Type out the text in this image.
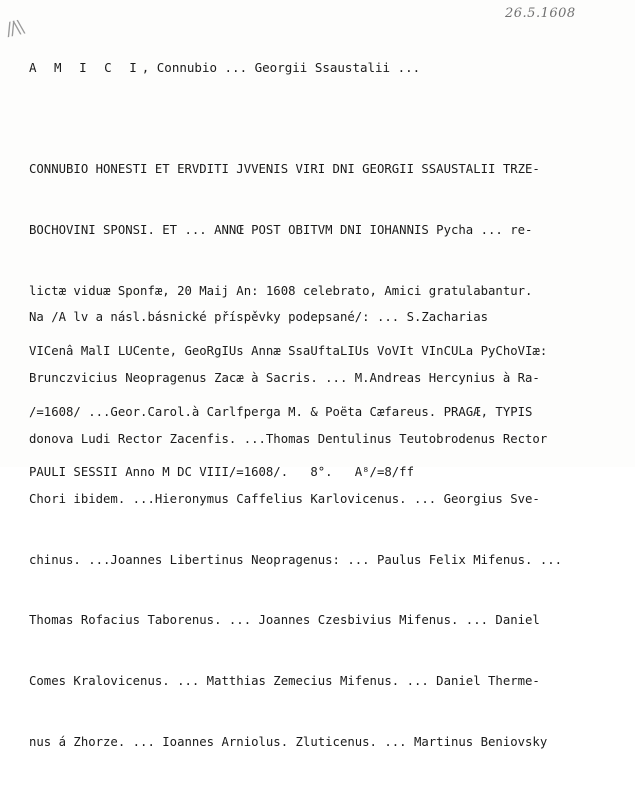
//\\
26.5.1608
A M I C I, Connubio ... Georgii Ssaustalii ...

CONNUBIO HONESTI ET ERVDITI JVVENIS VIRI DNI GEORGII SSAUSTALII TRZE-

BOCHOVINI SPONSI. ET ... ANNŒ POST OBITVM DNI IOHANNIS Pycha ... re-

lictæ viduæ Sponfæ, 20 Maij An: 1608 celebrato, Amici gratulabantur.

VICenâ MalI LUCente, GeoRgIUs Annæ SsaUftaLIUs VoVIt VInCULa PyChoVIæ:

/=1608/ ...Geor.Carol.à Carlfperga M. & Poëta Cæfareus. PRAGÆ, TYPIS

PAULI SESSII Anno M DC VIII/=1608/.   8°.   A⁸/=8/ff

Na /A lv a násl.básnické příspěvky podepsané/: ... S.Zacharias

Brunczvicius Neopragenus Zacæ à Sacris. ... M.Andreas Hercynius à Ra-

donova Ludi Rector Zacenfis. ...Thomas Dentulinus Teutobrodenus Rector

Chori ibidem. ...Hieronymus Caffelius Karlovicenus. ... Georgius Sve-

chinus. ...Joannes Libertinus Neopragenus: ... Paulus Felix Mifenus. ...

Thomas Rofacius Taborenus. ... Joannes Czesbivius Mifenus. ... Daniel

Comes Kralovicenus. ... Matthias Zemecius Mifenus. ... Daniel Therme-

nus á Zhorze. ... Ioannes Arniolus. Zluticenus. ... Martinus Beniovsky
